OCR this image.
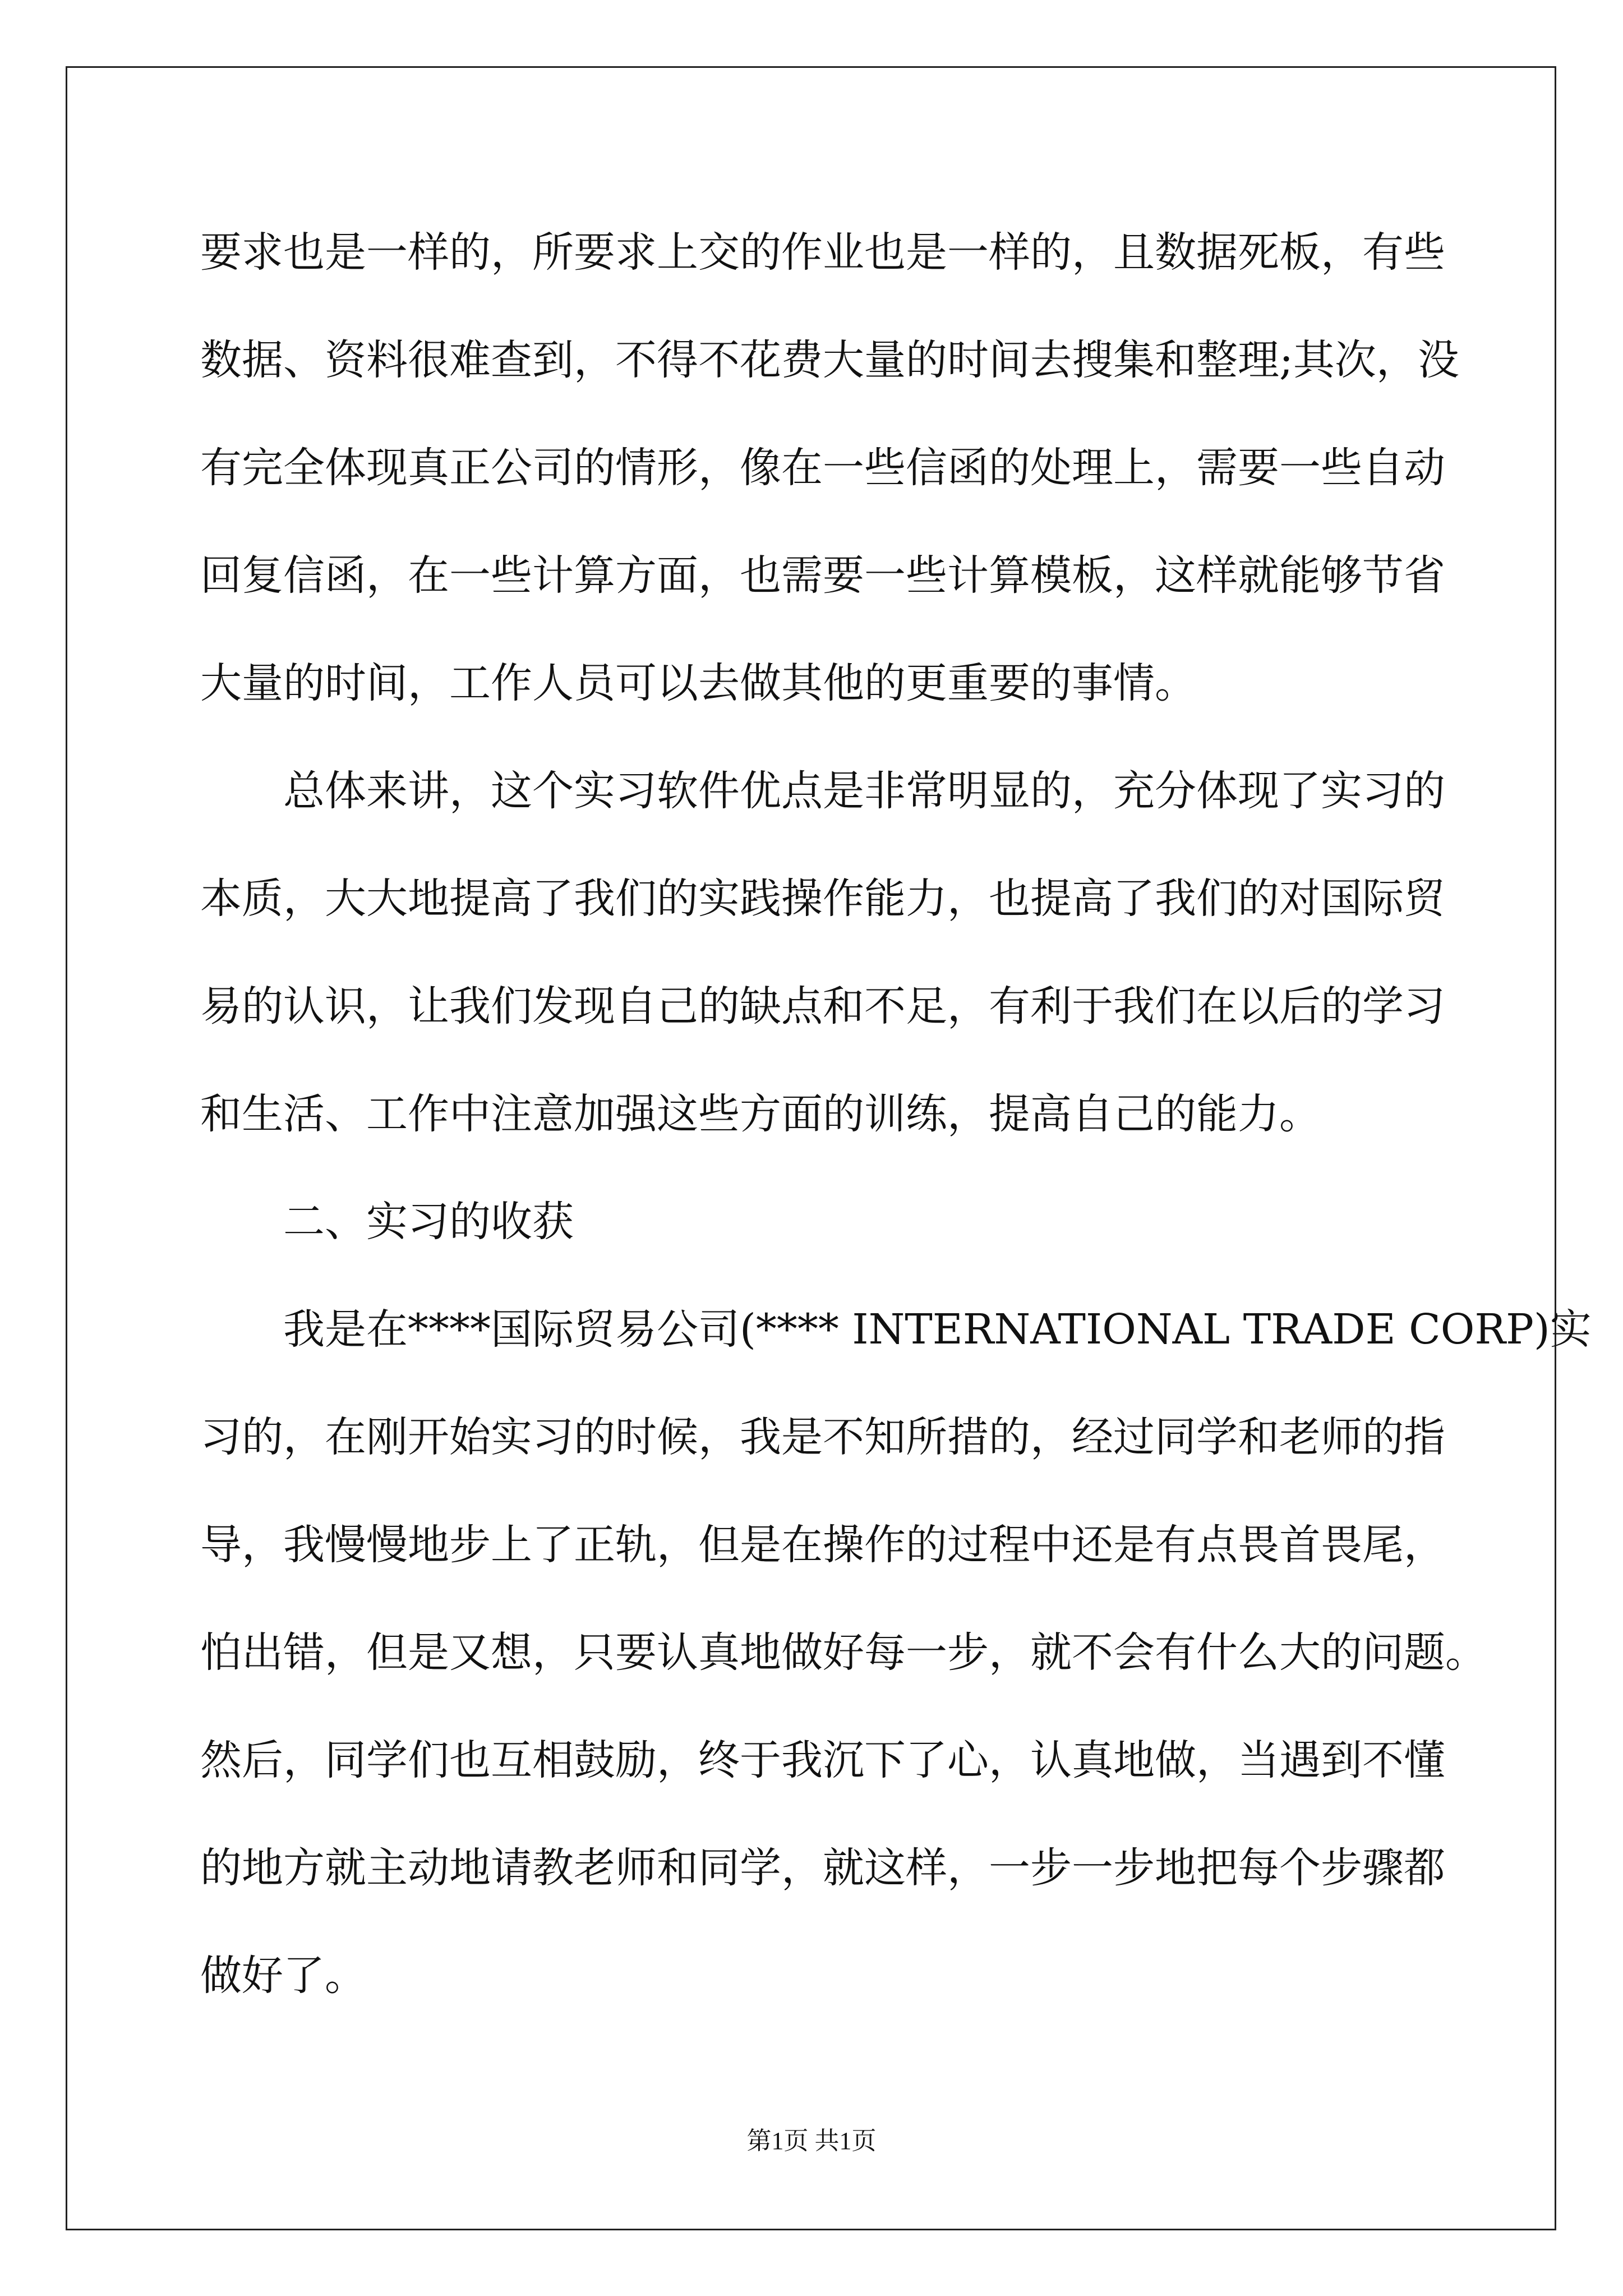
要求也是一样的，所要求上交的作业也是一样的，且数据死板，有些
数据、资料很难查到，不得不花费大量的时间去搜集和整理;其次，没
有完全体现真正公司的情形，像在一些信函的处理上，需要一些自动
回复信函，在一些计算方面，也需要一些计算模板，这样就能够节省
大量的时间，工作人员可以去做其他的更重要的事情。
总体来讲，这个实习软件优点是非常明显的，充分体现了实习的
本质，大大地提高了我们的实践操作能力，也提高了我们的对国际贸
易的认识，让我们发现自己的缺点和不足，有利于我们在以后的学习
和生活、工作中注意加强这些方面的训练，提高自己的能力。
二、实习的收获
我是在****国际贸易公司(**** INTERNATIONAL TRADE CORP)实
习的，在刚开始实习的时候，我是不知所措的，经过同学和老师的指
导，我慢慢地步上了正轨，但是在操作的过程中还是有点畏首畏尾，
怕出错，但是又想，只要认真地做好每一步，就不会有什么大的问题。
然后，同学们也互相鼓励，终于我沉下了心，认真地做，当遇到不懂
的地方就主动地请教老师和同学，就这样，一步一步地把每个步骤都
做好了。
第1页 共1页
